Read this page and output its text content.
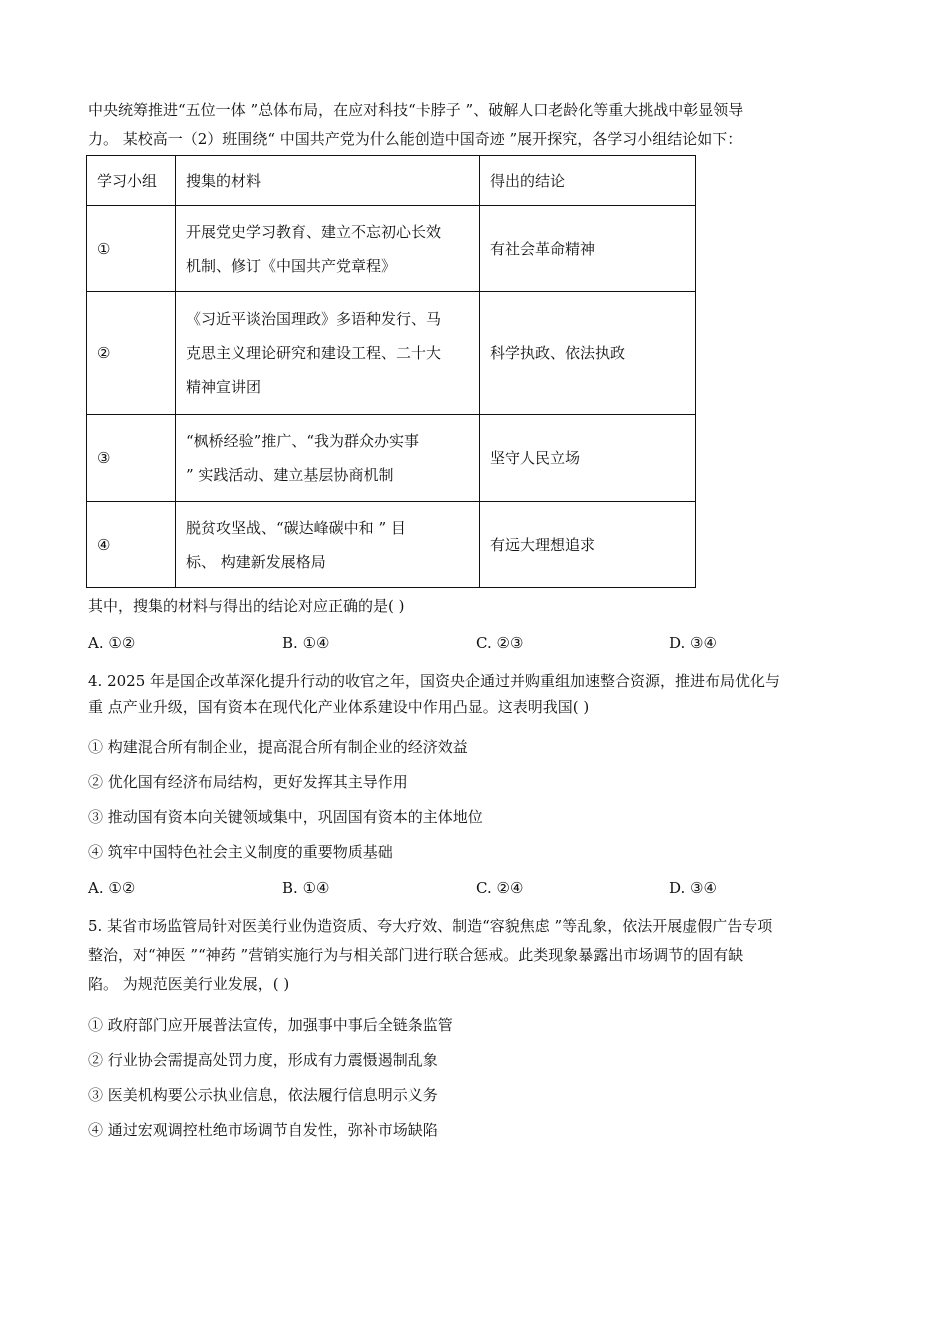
中央统筹推进“五位一体 ”总体布局，在应对科技“卡脖子 ”、破解人口老龄化等重大挑战中彰显领导
力。 某校高一（2）班围绕“ 中国共产党为什么能创造中国奇迹 ”展开探究，各学习小组结论如下：
学习小组	搜集的材料	得出的结论
①	开展党史学习教育、建立不忘初心长效
机制、修订《中国共产党章程》	有社会革命精神
②	《习近平谈治国理政》多语种发行、马
克思主义理论研究和建设工程、二十大
精神宣讲团	科学执政、依法执政
③	“枫桥经验”推广、“我为群众办实事
” 实践活动、建立基层协商机制	坚守人民立场
④	脱贫攻坚战、“碳达峰碳中和 ” 目
标、 构建新发展格局	有远大理想追求
其中，搜集的材料与得出的结论对应正确的是( )
A. ①②	B. ①④	C. ②③	D. ③④
4. 2025 年是国企改革深化提升行动的收官之年，国资央企通过并购重组加速整合资源，推进布局优化与
重 点产业升级，国有资本在现代化产业体系建设中作用凸显。这表明我国( )
① 构建混合所有制企业，提高混合所有制企业的经济效益
② 优化国有经济布局结构，更好发挥其主导作用
③ 推动国有资本向关键领域集中，巩固国有资本的主体地位
④ 筑牢中国特色社会主义制度的重要物质基础
A. ①②	B. ①④	C. ②④	D. ③④
5. 某省市场监管局针对医美行业伪造资质、夸大疗效、制造“容貌焦虑 ”等乱象，依法开展虚假广告专项
整治，对“神医 ”“神药 ”营销实施行为与相关部门进行联合惩戒。此类现象暴露出市场调节的固有缺
陷。 为规范医美行业发展，( )
① 政府部门应开展普法宣传，加强事中事后全链条监管
② 行业协会需提高处罚力度，形成有力震慑遏制乱象
③ 医美机构要公示执业信息，依法履行信息明示义务
④ 通过宏观调控杜绝市场调节自发性，弥补市场缺陷
